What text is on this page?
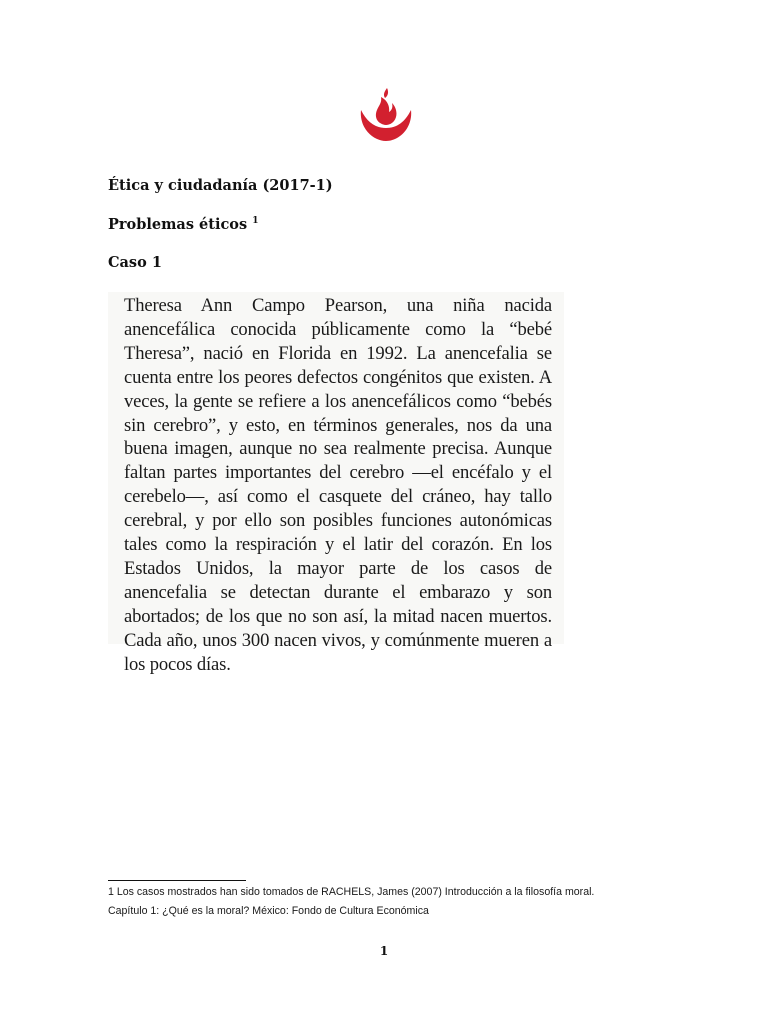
Ética y ciudadanía (2017-1)
Problemas éticos $^1$
Caso 1

Theresa Ann Campo Pearson, una niña nacida anencefálica conocida públicamente como la “bebé Theresa”, nació en Florida en 1992. La anencefalia se cuenta entre los peores defectos congénitos que existen. A veces, la gente se refiere a los anencefálicos como “bebés sin cerebro”, y esto, en términos generales, nos da una buena imagen, aunque no sea realmente precisa. Aunque faltan partes importantes del cerebro —el encéfalo y el cerebelo—, así como el casquete del cráneo, hay tallo cerebral, y por ello son posibles funciones autonómicas tales como la respiración y el latir del corazón. En los Estados Unidos, la mayor parte de los casos de anencefalia se detectan durante el embarazo y son abortados; de los que no son así, la mitad nacen muertos. Cada año, unos 300 nacen vivos, y comúnmente mueren a los pocos días.

1 Los casos mostrados han sido tomados de RACHELS, James (2007) Introducción a la filosofía moral.
Capítulo 1: ¿Qué es la moral? México: Fondo de Cultura Económica
1
